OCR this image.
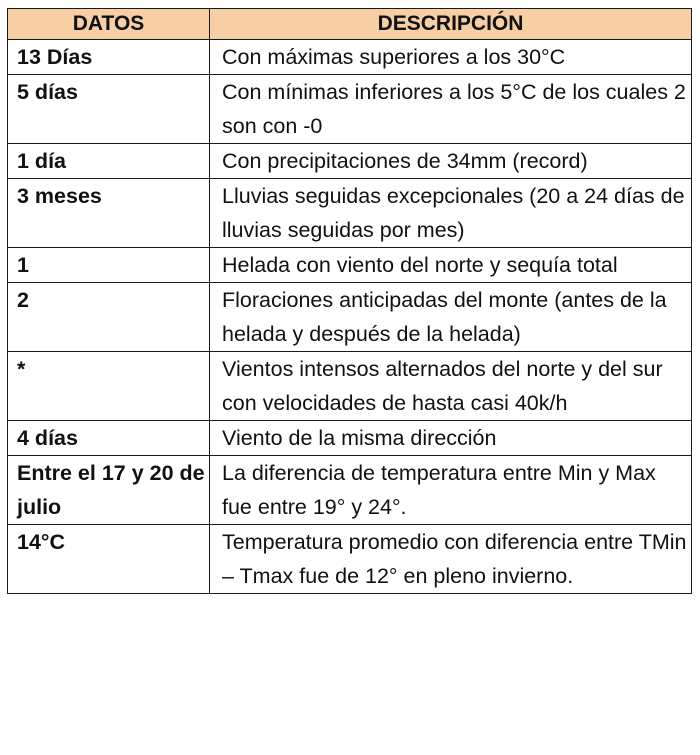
DATOS	DESCRIPCIÓN
13 Días	Con máximas superiores a los 30°C
5 días	Con mínimas inferiores a los 5°C de los cuales 2 son con -0
1 día	Con precipitaciones de 34mm (record)
3 meses	Lluvias seguidas excepcionales (20 a 24 días de lluvias seguidas por mes)
1	Helada con viento del norte y sequía total
2	Floraciones anticipadas del monte (antes de la helada y después de la helada)
*	Vientos intensos alternados del norte y del sur con velocidades de hasta casi 40k/h
4 días	Viento de la misma dirección
Entre el 17 y 20 de julio	La diferencia de temperatura entre Min y Max fue entre 19° y 24°.
14°C	Temperatura promedio con diferencia entre TMin – Tmax fue de 12° en pleno invierno.
